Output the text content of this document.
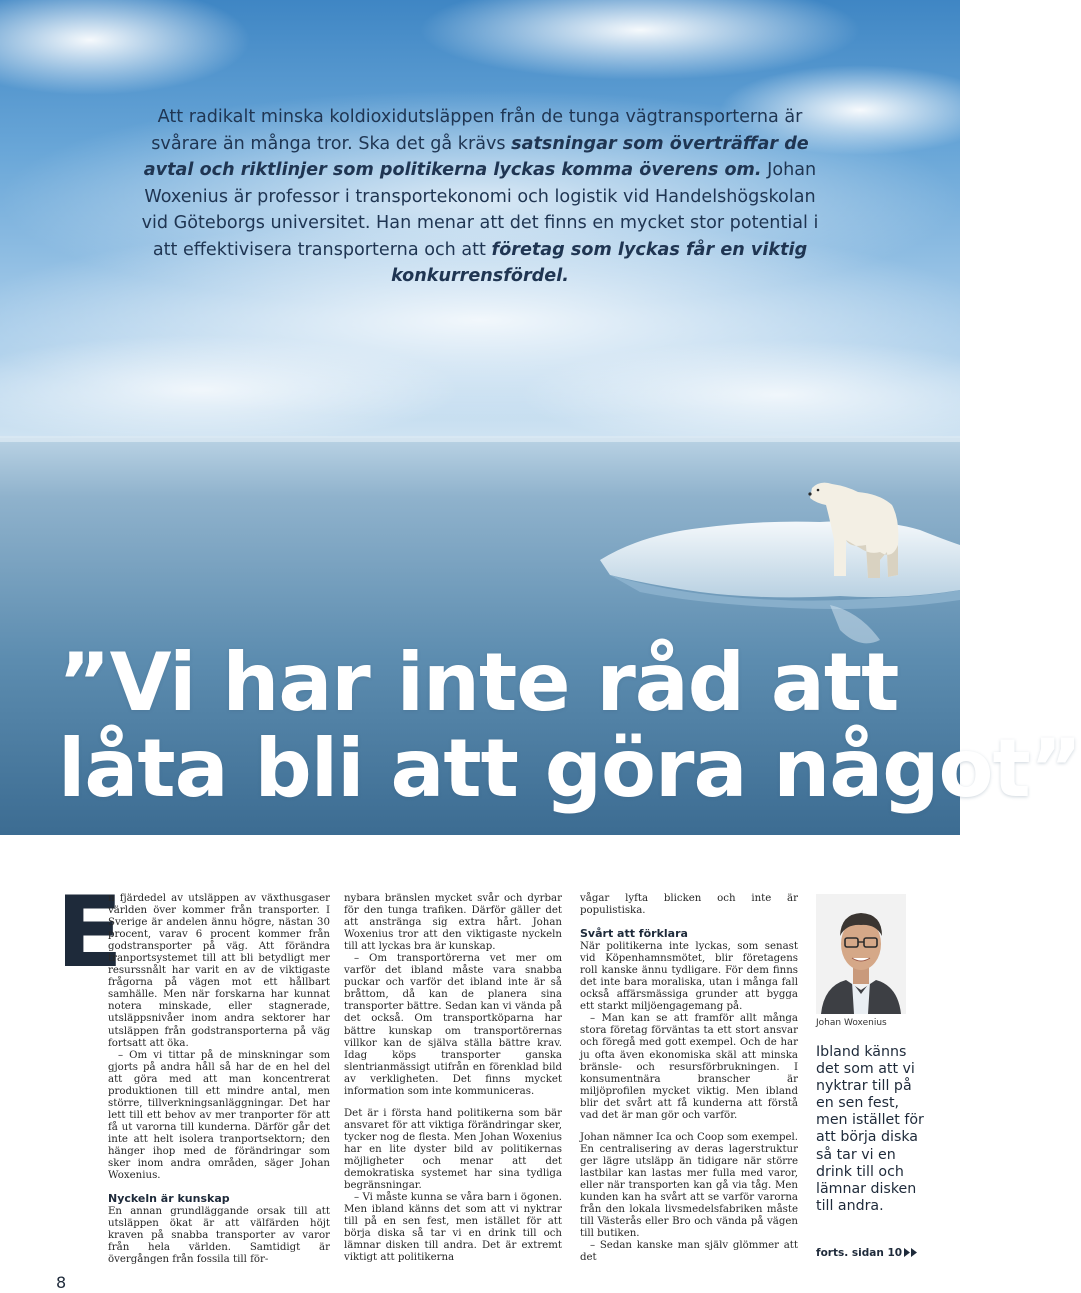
Att radikalt minska koldioxidutsläppen från de tunga vägtransporterna är svårare än många tror. Ska det gå krävs satsningar som överträffar de avtal och riktlinjer som politikerna lyckas komma överens om. Johan Woxenius är professor i transportekonomi och logistik vid Handelshögskolan vid Göteborgs universitet. Han menar att det finns en mycket stor potential i att effektivisera transporterna och att företag som lyckas får en viktig konkurrensfördel.
”Vi har inte råd att
låta bli att göra något”
E

n fjärdedel av utsläppen av växthusgaser världen över kommer från transporter. I Sverige är andelen ännu högre, nästan 30 procent, varav 6 procent kommer från godstransporter på väg. Att förändra tranportsystemet till att bli betydligt mer resurssnålt har varit en av de viktigaste frågorna på vägen mot ett hållbart samhälle. Men när forskarna har kunnat notera minskade, eller stagnerade, utsläppsnivåer inom andra sektorer har utsläppen från godstransporterna på väg fortsatt att öka.

– Om vi tittar på de minskningar som gjorts på andra håll så har de en hel del att göra med att man koncentrerat produktionen till ett mindre antal, men större, tillverkningsanläggningar. Det har lett till ett behov av mer tranporter för att få ut varorna till kunderna. Därför går det inte att helt isolera tranportsektorn; den hänger ihop med de förändringar som sker inom andra områden, säger Johan Woxenius.

Nyckeln är kunskap

En annan grundläggande orsak till att utsläppen ökat är att välfärden höjt kraven på snabba transporter av varor från hela världen. Samtidigt är övergången från fossila till för-

nybara bränslen mycket svår och dyrbar för den tunga trafiken. Därför gäller det att anstränga sig extra hårt. Johan Woxenius tror att den viktigaste nyckeln till att lyckas bra är kunskap.

– Om transportörerna vet mer om varför det ibland måste vara snabba puckar och varför det ibland inte är så bråttom, då kan de planera sina transporter bättre. Sedan kan vi vända på det också. Om transportköparna har bättre kunskap om transportörernas villkor kan de själva ställa bättre krav. Idag köps transporter ganska slentrianmässigt utifrån en förenklad bild av verkligheten. Det finns mycket information som inte kommuniceras.

Det är i första hand politikerna som bär ansvaret för att viktiga förändringar sker, tycker nog de flesta. Men Johan Woxenius har en lite dyster bild av politikernas möjligheter och menar att det demokratiska systemet har sina tydliga begränsningar.

– Vi måste kunna se våra barn i ögonen. Men ibland känns det som att vi nyktrar till på en sen fest, men istället för att börja diska så tar vi en drink till och lämnar disken till andra. Det är extremt viktigt att politikerna

vågar lyfta blicken och inte är populistiska.

Svårt att förklara

När politikerna inte lyckas, som senast vid Köpenhamnsmötet, blir företagens roll kanske ännu tydligare. För dem finns det inte bara moraliska, utan i många fall också affärsmässiga grunder att bygga ett starkt miljöengagemang på.

– Man kan se att framför allt många stora företag förväntas ta ett stort ansvar och föregå med gott exempel. Och de har ju ofta även ekonomiska skäl att minska bränsle- och resursförbrukningen. I konsumentnära branscher är miljöprofilen mycket viktig. Men ibland blir det svårt att få kunderna att förstå vad det är man gör och varför.

Johan nämner Ica och Coop som exempel. En centralisering av deras lagerstruktur ger lägre utsläpp än tidigare när större lastbilar kan lastas mer fulla med varor, eller när transporten kan gå via tåg. Men kunden kan ha svårt att se varför varorna från den lokala livsmedelsfabriken måste till Västerås eller Bro och vända på vägen till butiken.

– Sedan kanske man själv glömmer att det

Johan Woxenius
Ibland känns det som att vi nyktrar till på en sen fest, men istället för att börja diska så tar vi en drink till och lämnar disken till andra.
forts. sidan 10
8
